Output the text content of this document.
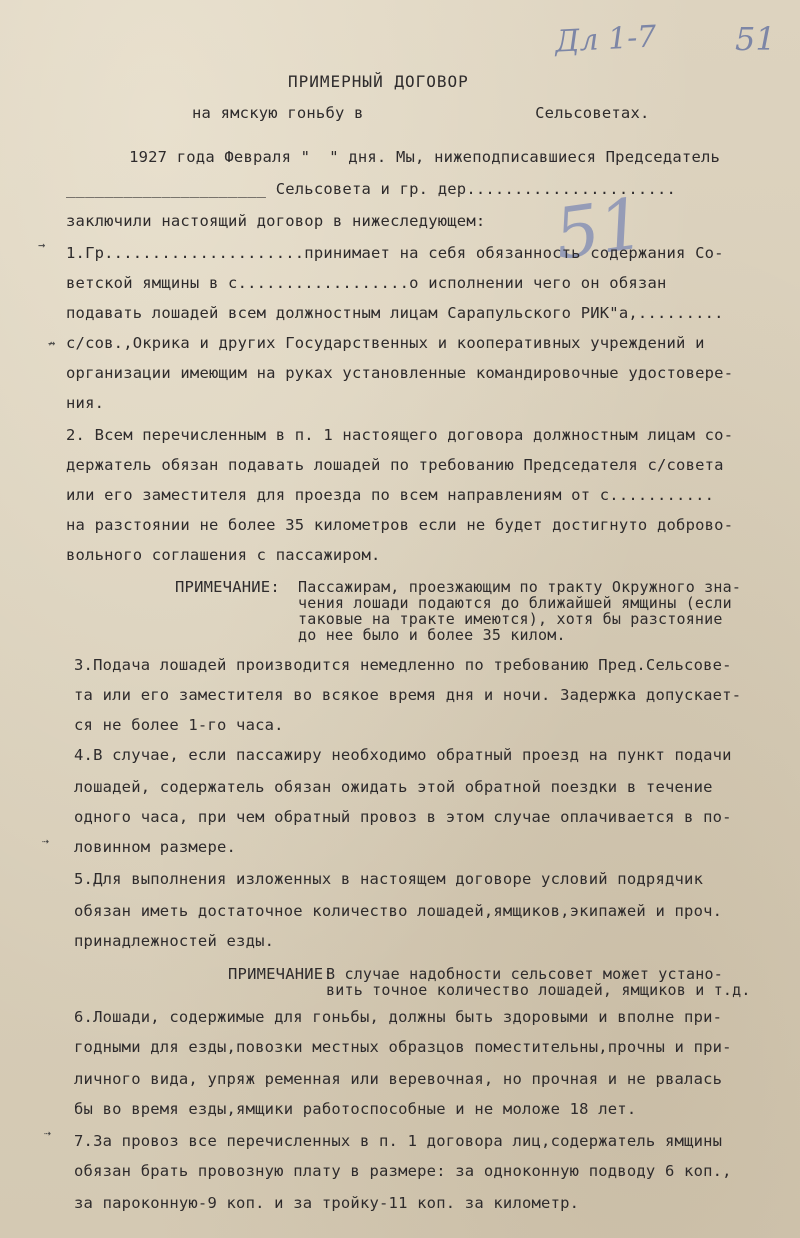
Дл 1-7 51
51
ПРИМЕРНЫЙ ДОГОВОР
на ямскую гоньбу в                  Сельсоветах.
1927 года Февраля "  " дня. Мы, нижеподписавшиеся Председатель
_____________________ Сельсовета и гр. дер......................
заключили настоящий договор в нижеследующем:
1.Гр.....................принимает на себя обязанность содержания Со-
ветской ямщины в с..................о исполнении чего он обязан
подавать лошадей всем должностным лицам Сарапульского РИК"а,.........
с/сов.,Окрика и других Государственных и кооперативных учреждений и
организации имеющим на руках установленные командировочные удостовере-
ния.
2. Всем перечисленным в п. 1 настоящего договора должностным лицам со-
держатель обязан подавать лошадей по требованию Председателя с/совета
или его заместителя для проезда по всем направлениям от с...........
на разстоянии не более 35 километров если не будет достигнуто доброво-
вольного соглашения с пассажиром.
ПРИМЕЧАНИЕ: Пассажирам, проезжающим по тракту Окружного зна-
чения лошади подаются до ближайшей ямщины (если
таковые на тракте имеются), хотя бы разстояние
до нее было и более 35 килом.
3.Подача лошадей производится немедленно по требованию Пред.Сельсове-
та или его заместителя во всякое время дня и ночи. Задержка допускает-
ся не более 1-го часа.
4.В случае, если пассажиру необходимо обратный проезд на пункт подачи
лошадей, содержатель обязан ожидать этой обратной поездки в течение
одного часа, при чем обратный провоз в этом случае оплачивается в по-
ловинном размере.
5.Для выполнения изложенных в настоящем договоре условий подрядчик
обязан иметь достаточное количество лошадей,ямщиков,экипажей и проч.
принадлежностей езды.
ПРИМЕЧАНИЕ:
В случае надобности сельсовет может устано-
вить точное количество лошадей, ямщиков и т.д.
6.Лошади, содержимые для гоньбы, должны быть здоровыми и вполне при-
годными для езды,повозки местных образцов поместительны,прочны и при-
личного вида, упряж ременная или веревочная, но прочная и не рвалась
бы во время езды,ямщики работоспособные и не моложе 18 лет.
7.За провоз все перечисленных в п. 1 договора лиц,содержатель ямщины
обязан брать провозную плату в размере: за одноконную подводу 6 коп.,
за пароконную-9 коп. и за тройку-11 коп. за километр.
→
↛
⇢
⇢
